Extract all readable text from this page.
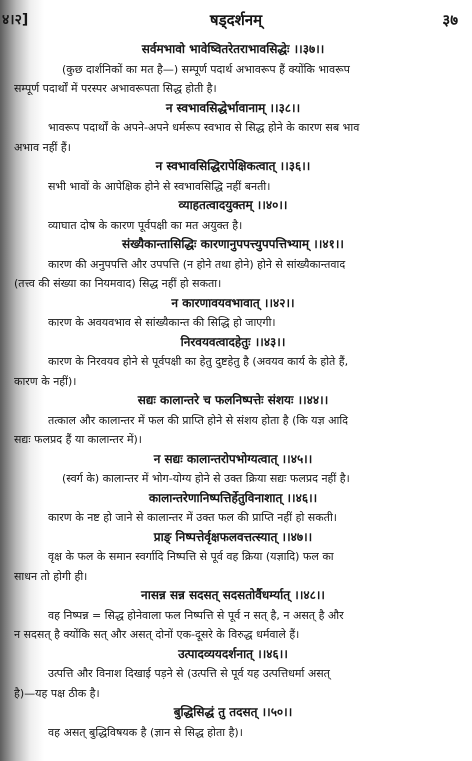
४।२]	षड्दर्शनम्	३७
सर्वमभावो भावेष्वितरेतराभावसिद्धेः ।।३७।।
(कुछ दार्शनिकों का मत है—) सम्पूर्ण पदार्थ अभावरूप हैं क्योंकि भावरूप
सम्पूर्ण पदार्थों में परस्पर अभावरूपता सिद्ध होती है।
न स्वभावसिद्धेर्भावानाम् ।।३८।।
भावरूप पदार्थों के अपने-अपने धर्मरूप स्वभाव से सिद्ध होने के कारण सब भाव
अभाव नहीं हैं।
न स्वभावसिद्धिरापेक्षिकत्वात् ।।३६।।
सभी भावों के आपेक्षिक होने से स्वभावसिद्धि नहीं बनती।
व्याहतत्वादयुक्तम् ।।४०।।
व्याघात दोष के कारण पूर्वपक्षी का मत अयुक्त है।
संख्यैकान्तासिद्धिः कारणानुपपत्त्युपपत्तिभ्याम् ।।४१।।
कारण की अनुपपत्ति और उपपत्ति (न होने तथा होने) होने से सांख्यैकान्तवाद
(तत्त्व की संख्या का नियमवाद) सिद्ध नहीं हो सकता।
न कारणावयवभावात् ।।४२।।
कारण के अवयवभाव से सांख्यैकान्त की सिद्धि हो जाएगी।
निरवयवत्वादहेतुः ।।४३।।
कारण के निरवयव होने से पूर्वपक्षी का हेतु दुष्टहेतु है (अवयव कार्य के होते हैं,
कारण के नहीं)।
सद्यः कालान्तरे च फलनिष्पत्तेः संशयः ।।४४।।
तत्काल और कालान्तर में फल की प्राप्ति होने से संशय होता है (कि यज्ञ आदि
सद्यः फलप्रद हैं या कालान्तर में)।
न सद्यः कालान्तरोपभोग्यत्वात् ।।४५।।
(स्वर्ग के) कालान्तर में भोग-योग्य होने से उक्त क्रिया सद्यः फलप्रद नहीं है।
कालान्तरेणानिष्पत्तिर्हेतुविनाशात् ।।४६।।
कारण के नष्ट हो जाने से कालान्तर में उक्त फल की प्राप्ति नहीं हो सकती।
प्राङ् निष्पत्तेर्वृक्षफलवत्तत्स्यात् ।।४७।।
वृक्ष के फल के समान स्वर्गादि निष्पत्ति से पूर्व वह क्रिया (यज्ञादि) फल का
साधन तो होगी ही।
नासन्न सन्न सदसत् सदसतोर्वैधर्म्यात् ।।४८।।
वह निष्पन्न = सिद्ध होनेवाला फल निष्पत्ति से पूर्व न सत् है, न असत् है और
न सदसत् है क्योंकि सत् और असत् दोनों एक-दूसरे के विरुद्ध धर्मवाले हैं।
उत्पादव्ययदर्शनात् ।।४६।।
उत्पत्ति और विनाश दिखाई पड़ने से (उत्पत्ति से पूर्व यह उत्पत्तिधर्मा असत्
है)—यह पक्ष ठीक है।
बुद्धिसिद्धं तु तदसत् ।।५०।।
वह असत् बुद्धिविषयक है (ज्ञान से सिद्ध होता है)।
